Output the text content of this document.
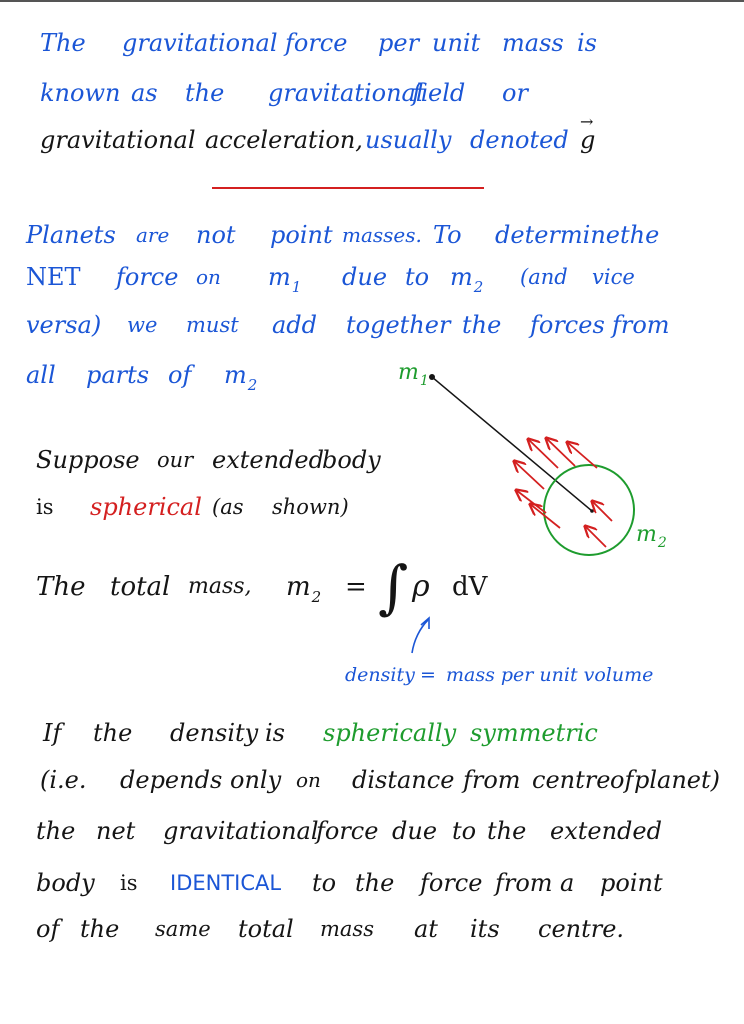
The gravitational force per unit mass is
known as the gravitational
field or
gravitational acceleration, usually denoted
→
g
Planets are not point masses. To determine the
NET force on $m_1$ due to $m_2$ (and vice
versa) we must add together the forces from
all parts of $m_2$	$m_1$
$m_2$
Suppose our extended
body
is spherical (as shown)
The total mass, $m_2$ = ∫ ρ dV
density = mass per unit volume
If the density is spherically symmetric
(i.e. depends only on distance from centre of planet)
the net gravitational
force due to the extended
body is IDENTICAL to the force from a point
of the same total mass at its centre.
